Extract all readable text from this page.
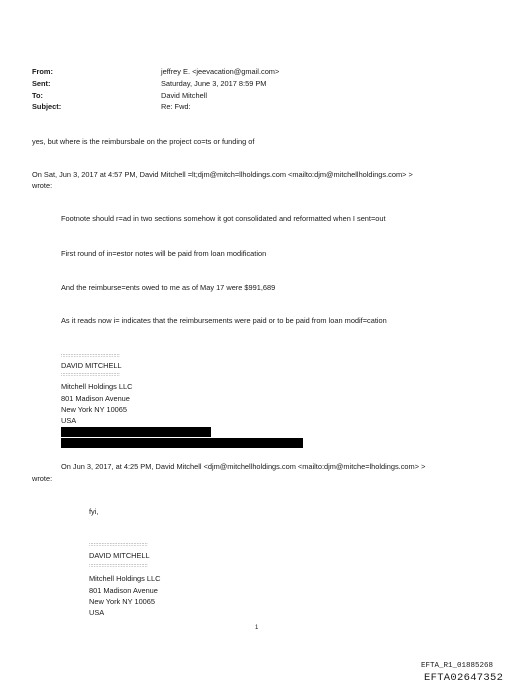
From:	jeffrey E. <jeevacation@gmail.com>
Sent:	Saturday, June 3, 2017 8:59 PM
To:	David Mitchell
Subject:	Re: Fwd:
yes, but where is the reimbursbale on the project co=ts or funding of
On Sat, Jun 3, 2017 at 4:57 PM, David Mitchell =lt;djm@mitch=llholdings.com <mailto:djm@mitchellholdings.com> >
wrote:
Footnote should r=ad in two sections somehow it got consolidated and reformatted when I sent=out
First round of in=estor notes will be paid from loan modification
And the reimburse=ents owed to me as of May 17 were $991,689
As it reads now i= indicates that the reimbursements were paid or to be paid from loan modif=cation
:::::::::::::::::::::::::::::::::::::
DAVID MITCHELL
:::::::::::::::::::::::::::::::::::::
Mitchell Holdings LLC
801 Madison Avenue
New York NY 10065
USA
On Jun 3, 2017, at 4:25 PM, David Mitchell <djm@mitchellholdings.com <mailto:djm@mitche=lholdings.com> >
wrote:
fyi,
:::::::::::::::::::::::::::::::::::::
DAVID MITCHELL
:::::::::::::::::::::::::::::::::::::
Mitchell Holdings LLC
801 Madison Avenue
New York NY 10065
USA
1
EFTA_R1_01885268
EFTA02647352
